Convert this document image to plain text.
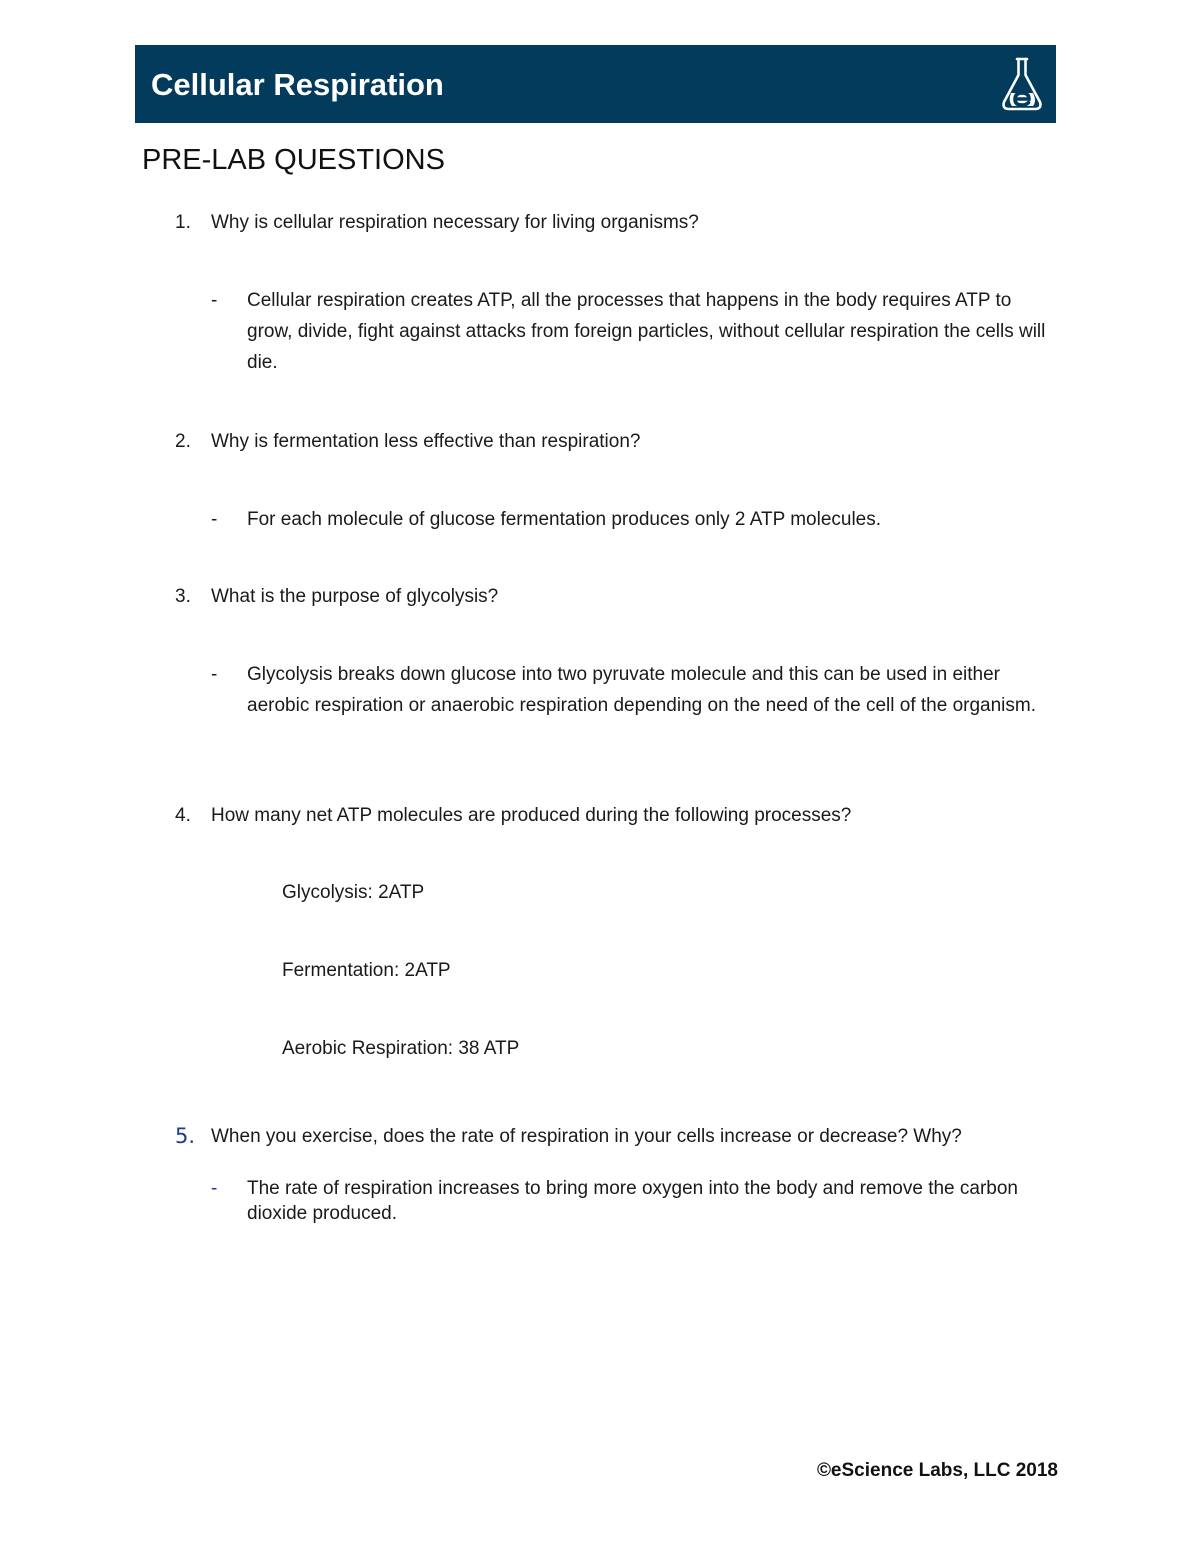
Cellular Respiration
PRE-LAB QUESTIONS
1. Why is cellular respiration necessary for living organisms?
- Cellular respiration creates ATP, all the processes that happens in the body requires ATP to grow, divide, fight against attacks from foreign particles, without cellular respiration the cells will die.
2. Why is fermentation less effective than respiration?
- For each molecule of glucose fermentation produces only 2 ATP molecules.
3. What is the purpose of glycolysis?
- Glycolysis breaks down glucose into two pyruvate molecule and this can be used in either aerobic respiration or anaerobic respiration depending on the need of the cell of the organism.
4. How many net ATP molecules are produced during the following processes?
Glycolysis: 2ATP
Fermentation: 2ATP
Aerobic Respiration: 38 ATP
5. When you exercise, does the rate of respiration in your cells increase or decrease? Why?
- The rate of respiration increases to bring more oxygen into the body and remove the carbon dioxide produced.
©eScience Labs, LLC 2018
